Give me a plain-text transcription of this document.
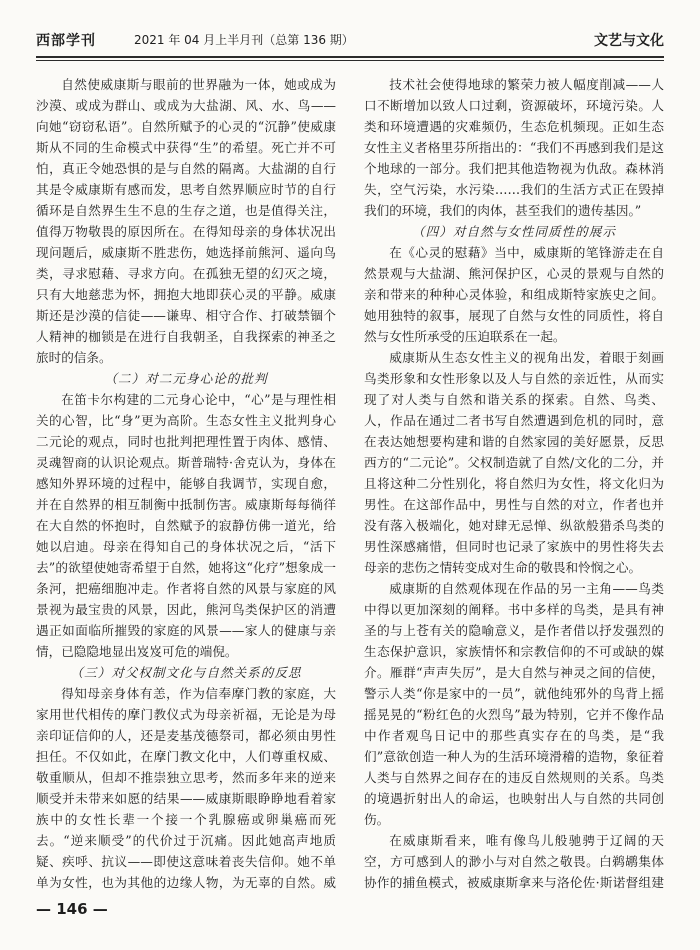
西部学刊	2021 年 04 月上半月刊（总第 136 期）	文艺与文化

自然使威康斯与眼前的世界融为一体，她或成为沙漠、或成为群山、或成为大盐湖、风、水、鸟——向她“窃窃私语”。自然所赋予的心灵的“沉静”使威康斯从不同的生命模式中获得“生”的希望。死亡并不可怕，真正令她恐惧的是与自然的隔离。大盐湖的自行其是令威康斯有感而发，思考自然界顺应时节的自行循环是自然界生生不息的生存之道，也是值得关注，值得万物敬畏的原因所在。在得知母亲的身体状况出现问题后，威康斯不胜悲伤，她选择前熊河、遥向鸟类，寻求慰藉、寻求方向。在孤独无望的幻灭之境，只有大地慈悲为怀，拥抱大地即获心灵的平静。威康斯还是沙漠的信徒——谦卑、相守合作、打破禁锢个人精神的枷锁是在进行自我朝圣，自我探索的神圣之旅时的信条。

（二）对二元身心论的批判

在笛卡尔构建的二元身心论中，“心”是与理性相关的心智，比“身”更为高阶。生态女性主义批判身心二元论的观点，同时也批判把理性置于肉体、感情、灵魂智商的认识论观点。斯普瑞特·舍克认为，身体在感知外界环境的过程中，能够自我调节，实现自愈，并在自然界的相互制衡中抵制伤害。威康斯每每徜徉在大自然的怀抱时，自然赋予的寂静仿佛一道光，给她以启迪。母亲在得知自己的身体状况之后，“活下去”的欲望使她寄希望于自然，她将这“化疗”想象成一条河，把癌细胞冲走。作者将自然的风景与家庭的风景视为最宝贵的风景，因此，熊河鸟类保护区的消遭遇正如面临所摧毁的家庭的风景——家人的健康与亲情，已隐隐地显出岌岌可危的端倪。

（三）对父权制文化与自然关系的反思

得知母亲身体有恙，作为信奉摩门教的家庭，大家用世代相传的摩门教仪式为母亲祈福，无论是为母亲印证信仰的人，还是麦基茂德祭司，都必须由男性担任。不仅如此，在摩门教文化中，人们尊重权威、敬重顺从，但却不推崇独立思考，然而多年来的逆来顺受并未带来如愿的结果——威康斯眼睁睁地看着家族中的女性长辈一个接一个乳腺癌或卵巢癌而死去。“逆来顺受”的代价过于沉痛。因此她高声地质疑、疾呼、抗议——即使这意味着丧失信仰。她不单单为女性，也为其他的边缘人物，为无辜的自然。威

技术社会使得地球的繁荣力被人幅度削减——人口不断增加以致人口过剩，资源破坏，环境污染。人类和环境遭遇的灾难频仍，生态危机频现。正如生态女性主义者格里芬所指出的：“我们不再感到我们是这个地球的一部分。我们把其他造物视为仇敌。森林消失，空气污染，水污染……我们的生活方式正在毁掉我们的环境，我们的肉体，甚至我们的遗传基因。”

（四）对自然与女性同质性的展示

在《心灵的慰藉》当中，威康斯的笔锋游走在自然景观与大盐湖、熊河保护区，心灵的景观与自然的亲和带来的种种心灵体验，和组成斯特家族史之间。她用独特的叙事，展现了自然与女性的同质性，将自然与女性所承受的压迫联系在一起。

威康斯从生态女性主义的视角出发，着眼于刻画鸟类形象和女性形象以及人与自然的亲近性，从而实现了对人类与自然和谐关系的探索。自然、鸟类、人，作品在通过二者书写自然遭遇到危机的同时，意在表达她想要构建和谐的自然家园的美好愿景，反思西方的“二元论”。父权制造就了自然/文化的二分，并且将这种二分性别化，将自然归为女性，将文化归为男性。在这部作品中，男性与自然的对立，作者也并没有落入极端化，她对肆无忌惮、纵欲般猎杀鸟类的男性深感痛惜，但同时也记录了家族中的男性将失去母亲的悲伤之情转变成对生命的敬畏和怜悯之心。

威康斯的自然观体现在作品的另一主角——鸟类中得以更加深刻的阐释。书中多样的鸟类，是具有神圣的与上苍有关的隐喻意义，是作者借以抒发强烈的生态保护意识，家族情怀和宗教信仰的不可或缺的媒介。雁群“声声失厉”，是大自然与神灵之间的信使，警示人类“你是家中的一员”，就他纯邪外的鸟背上摇摇晃晃的“粉红色的火烈鸟”最为特别，它并不像作品中作者观鸟日记中的那些真实存在的鸟类，是“我们”意欲创造一种人为的生活环境滑稽的造物，象征着人类与自然界之间存在的违反自然规则的关系。鸟类的境遇折射出人的命运，也映射出人与自然的共同创伤。

在威康斯看来，唯有像鸟儿般驰骋于辽阔的天空，方可感到人的渺小与对自然之敬畏。白鹈鹕集体协作的捕鱼模式，被威康斯拿来与洛伦佐·斯诺督组建

— 146 —
